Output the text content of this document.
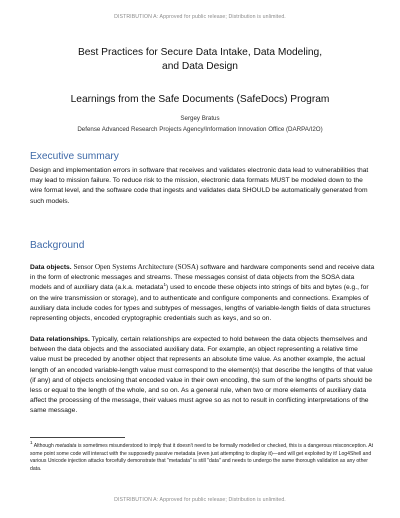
DISTRIBUTION A: Approved for public release; Distribution is unlimited.
Best Practices for Secure Data Intake, Data Modeling,
and Data Design
Learnings from the Safe Documents (SafeDocs) Program
Sergey Bratus
Defense Advanced Research Projects Agency/Information Innovation Office (DARPA/I2O)
Executive summary

Design and implementation errors in software that receives and validates electronic data lead to vulnerabilities that may lead to mission failure. To reduce risk to the mission, electronic data formats MUST be modeled down to the wire format level, and the software code that ingests and validates data SHOULD be automatically generated from such models.

Background

Data objects. Sensor Open Systems Architecture (SOSA) software and hardware components send and receive data in the form of electronic messages and streams. These messages consist of data objects from the SOSA data models and of auxiliary data (a.k.a. metadata$^1$) used to encode these objects into strings of bits and bytes (e.g., for on the wire transmission or storage), and to authenticate and configure components and connections. Examples of auxiliary data include codes for types and subtypes of messages, lengths of variable-length fields of data structures representing objects, encoded cryptographic credentials such as keys, and so on.

Data relationships. Typically, certain relationships are expected to hold between the data objects themselves and between the data objects and the associated auxiliary data. For example, an object representing a relative time value must be preceded by another object that represents an absolute time value. As another example, the actual length of an encoded variable-length value must correspond to the element(s) that describe the lengths of that value (if any) and of objects enclosing that encoded value in their own encoding, the sum of the lengths of parts should be less or equal to the length of the whole, and so on. As a general rule, when two or more elements of auxiliary data affect the processing of the message, their values must agree so as not to result in conflicting interpretations of the same message.

$^1$ Although metadata is sometimes misunderstood to imply that it doesn't need to be formally modelled or checked, this is a dangerous misconception. At some point some code will interact with the supposedly passive metadata (even just attempting to display it)—and will get exploited by it! Log4Shell and various Unicode injection attacks forcefully demonstrate that "metadata" is still "data" and needs to undergo the same thorough validation as any other data.

DISTRIBUTION A: Approved for public release; Distribution is unlimited.
